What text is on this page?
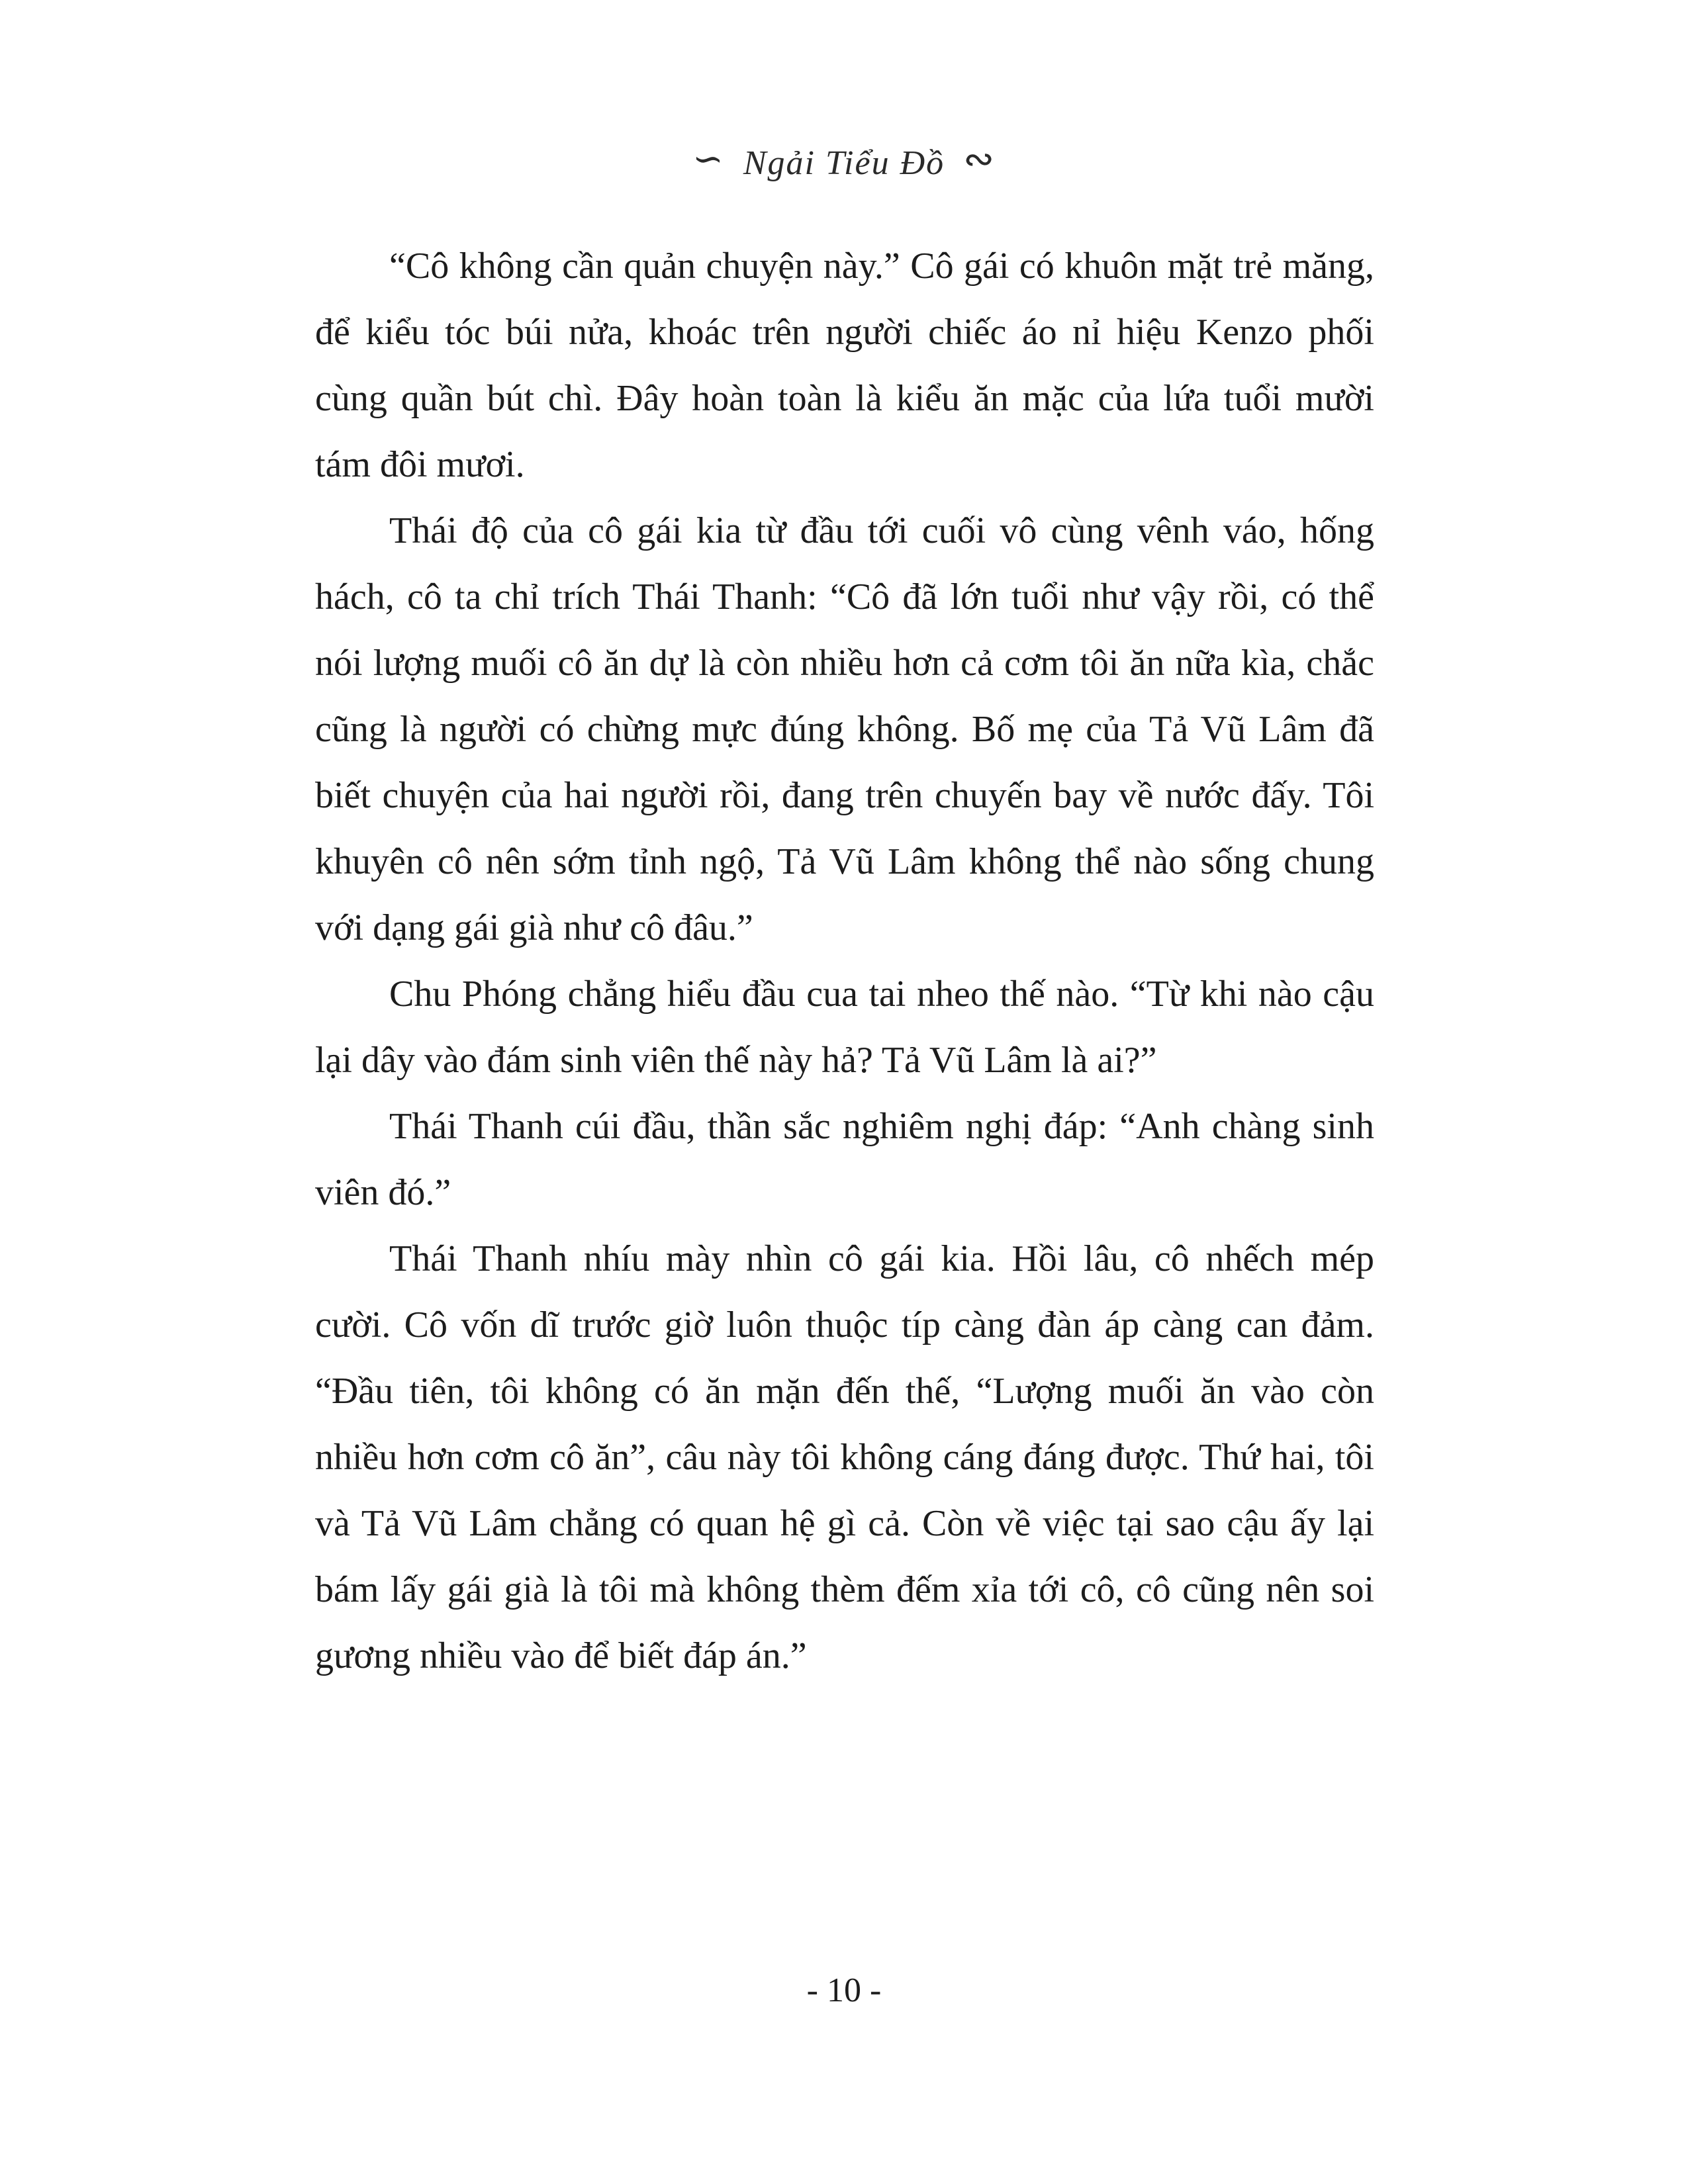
∽ Ngải Tiểu Đồ ∾

“Cô không cần quản chuyện này.” Cô gái có khuôn mặt trẻ măng, để kiểu tóc búi nửa, khoác trên người chiếc áo nỉ hiệu Kenzo phối cùng quần bút chì. Đây hoàn toàn là kiểu ăn mặc của lứa tuổi mười tám đôi mươi.

Thái độ của cô gái kia từ đầu tới cuối vô cùng vênh váo, hống hách, cô ta chỉ trích Thái Thanh: “Cô đã lớn tuổi như vậy rồi, có thể nói lượng muối cô ăn dự là còn nhiều hơn cả cơm tôi ăn nữa kìa, chắc cũng là người có chừng mực đúng không. Bố mẹ của Tả Vũ Lâm đã biết chuyện của hai người rồi, đang trên chuyến bay về nước đấy. Tôi khuyên cô nên sớm tỉnh ngộ, Tả Vũ Lâm không thể nào sống chung với dạng gái già như cô đâu.”

Chu Phóng chẳng hiểu đầu cua tai nheo thế nào. “Từ khi nào cậu lại dây vào đám sinh viên thế này hả? Tả Vũ Lâm là ai?”

Thái Thanh cúi đầu, thần sắc nghiêm nghị đáp: “Anh chàng sinh viên đó.”

Thái Thanh nhíu mày nhìn cô gái kia. Hồi lâu, cô nhếch mép cười. Cô vốn dĩ trước giờ luôn thuộc típ càng đàn áp càng can đảm. “Đầu tiên, tôi không có ăn mặn đến thế, “Lượng muối ăn vào còn nhiều hơn cơm cô ăn”, câu này tôi không cáng đáng được. Thứ hai, tôi và Tả Vũ Lâm chẳng có quan hệ gì cả. Còn về việc tại sao cậu ấy lại bám lấy gái già là tôi mà không thèm đếm xỉa tới cô, cô cũng nên soi gương nhiều vào để biết đáp án.”

- 10 -
